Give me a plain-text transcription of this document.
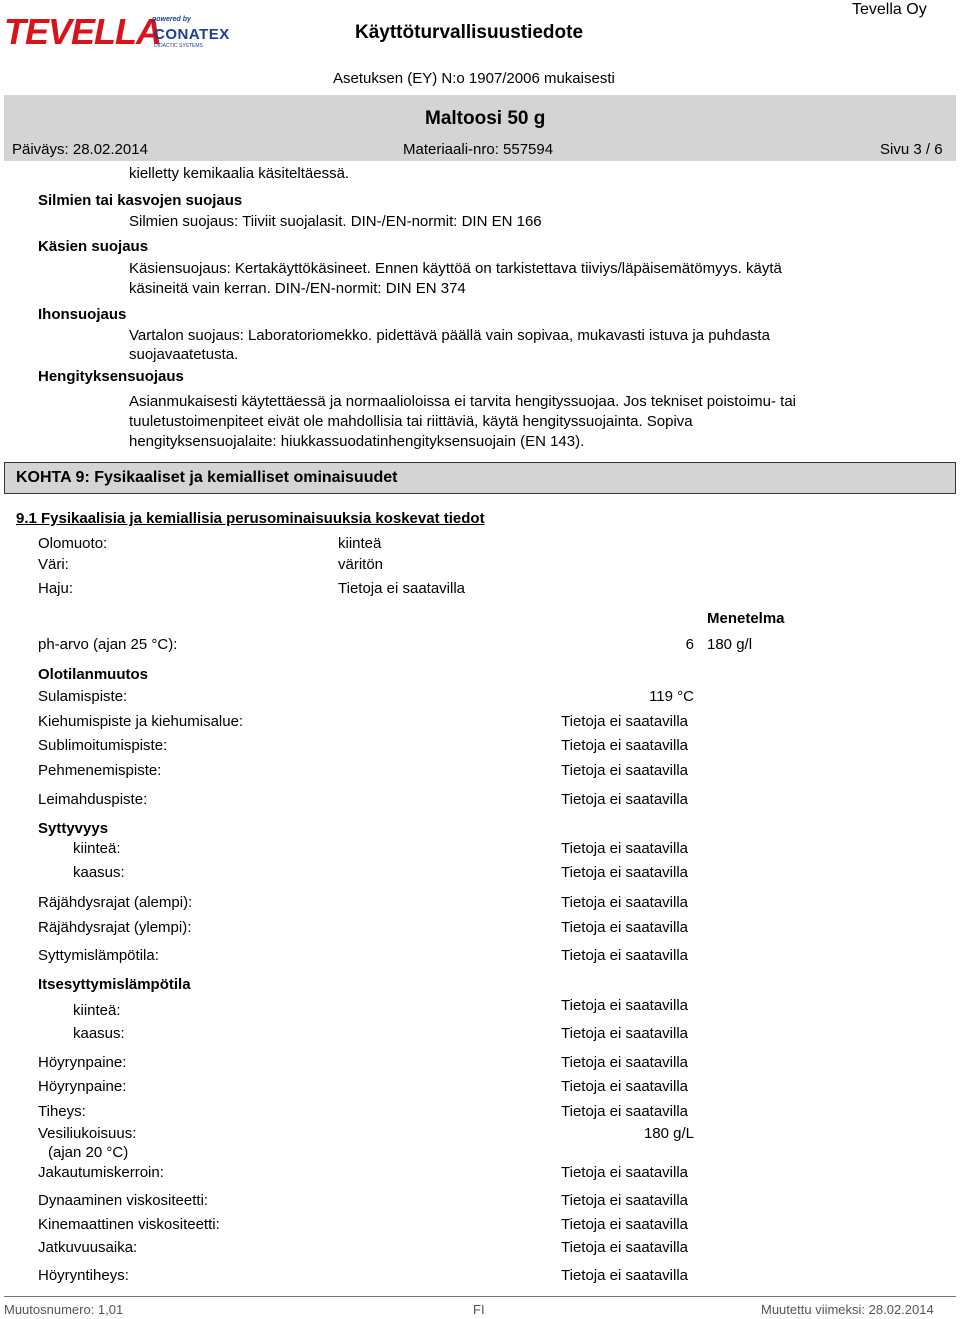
TEVELLA
powered by
CONATEX
DIDACTIC SYSTEMS
Käyttöturvallisuustiedote
Tevella Oy
Asetuksen (EY) N:o 1907/2006 mukaisesti
Maltoosi 50 g
Päiväys: 28.02.2014	Materiaali-nro: 557594	Sivu 3 / 6
kielletty kemikaalia käsiteltäessä.
Silmien tai kasvojen suojaus
Silmien suojaus: Tiiviit suojalasit. DIN-/EN-normit: DIN EN 166
Käsien suojaus
Käsiensuojaus: Kertakäyttökäsineet. Ennen käyttöä on tarkistettava tiiviys/läpäisemätömyys. käytä
käsineitä vain kerran. DIN-/EN-normit: DIN EN 374
Ihonsuojaus
Vartalon suojaus: Laboratoriomekko. pidettävä päällä vain sopivaa, mukavasti istuva ja puhdasta
suojavaatetusta.
Hengityksensuojaus
Asianmukaisesti käytettäessä ja normaalioloissa ei tarvita hengityssuojaa. Jos tekniset poistoimu- tai
tuuletustoimenpiteet eivät ole mahdollisia tai riittäviä, käytä hengityssuojainta. Sopiva
hengityksensuojalaite: hiukkassuodatinhengityksensuojain (EN 143).
KOHTA 9: Fysikaaliset ja kemialliset ominaisuudet
9.1 Fysikaalisia ja kemiallisia perusominaisuuksia koskevat tiedot
Olomuoto:	kiinteä
Väri:	väritön
Haju:	Tietoja ei saatavilla
Menetelma
ph-arvo (ajan 25 °C):	6 180 g/l
Olotilanmuutos
Sulamispiste:	119 °C
Kiehumispiste ja kiehumisalue:	Tietoja ei saatavilla
Sublimoitumispiste:	Tietoja ei saatavilla
Pehmenemispiste:	Tietoja ei saatavilla
Leimahduspiste:	Tietoja ei saatavilla
Syttyvyys
kiinteä:	Tietoja ei saatavilla
kaasus:	Tietoja ei saatavilla
Räjähdysrajat (alempi):	Tietoja ei saatavilla
Räjähdysrajat (ylempi):	Tietoja ei saatavilla
Syttymislämpötila:	Tietoja ei saatavilla
Itsesyttymislämpötila
kiinteä:	Tietoja ei saatavilla
kaasus:	Tietoja ei saatavilla
Höyrynpaine:	Tietoja ei saatavilla
Höyrynpaine:	Tietoja ei saatavilla
Tiheys:	Tietoja ei saatavilla
Vesiliukoisuus:
(ajan 20 °C)
180 g/L
Jakautumiskerroin:	Tietoja ei saatavilla
Dynaaminen viskositeetti:	Tietoja ei saatavilla
Kinemaattinen viskositeetti:	Tietoja ei saatavilla
Jatkuvuusaika:	Tietoja ei saatavilla
Höyryntiheys:	Tietoja ei saatavilla
Muutosnumero: 1,01	FI	Muutettu viimeksi: 28.02.2014
